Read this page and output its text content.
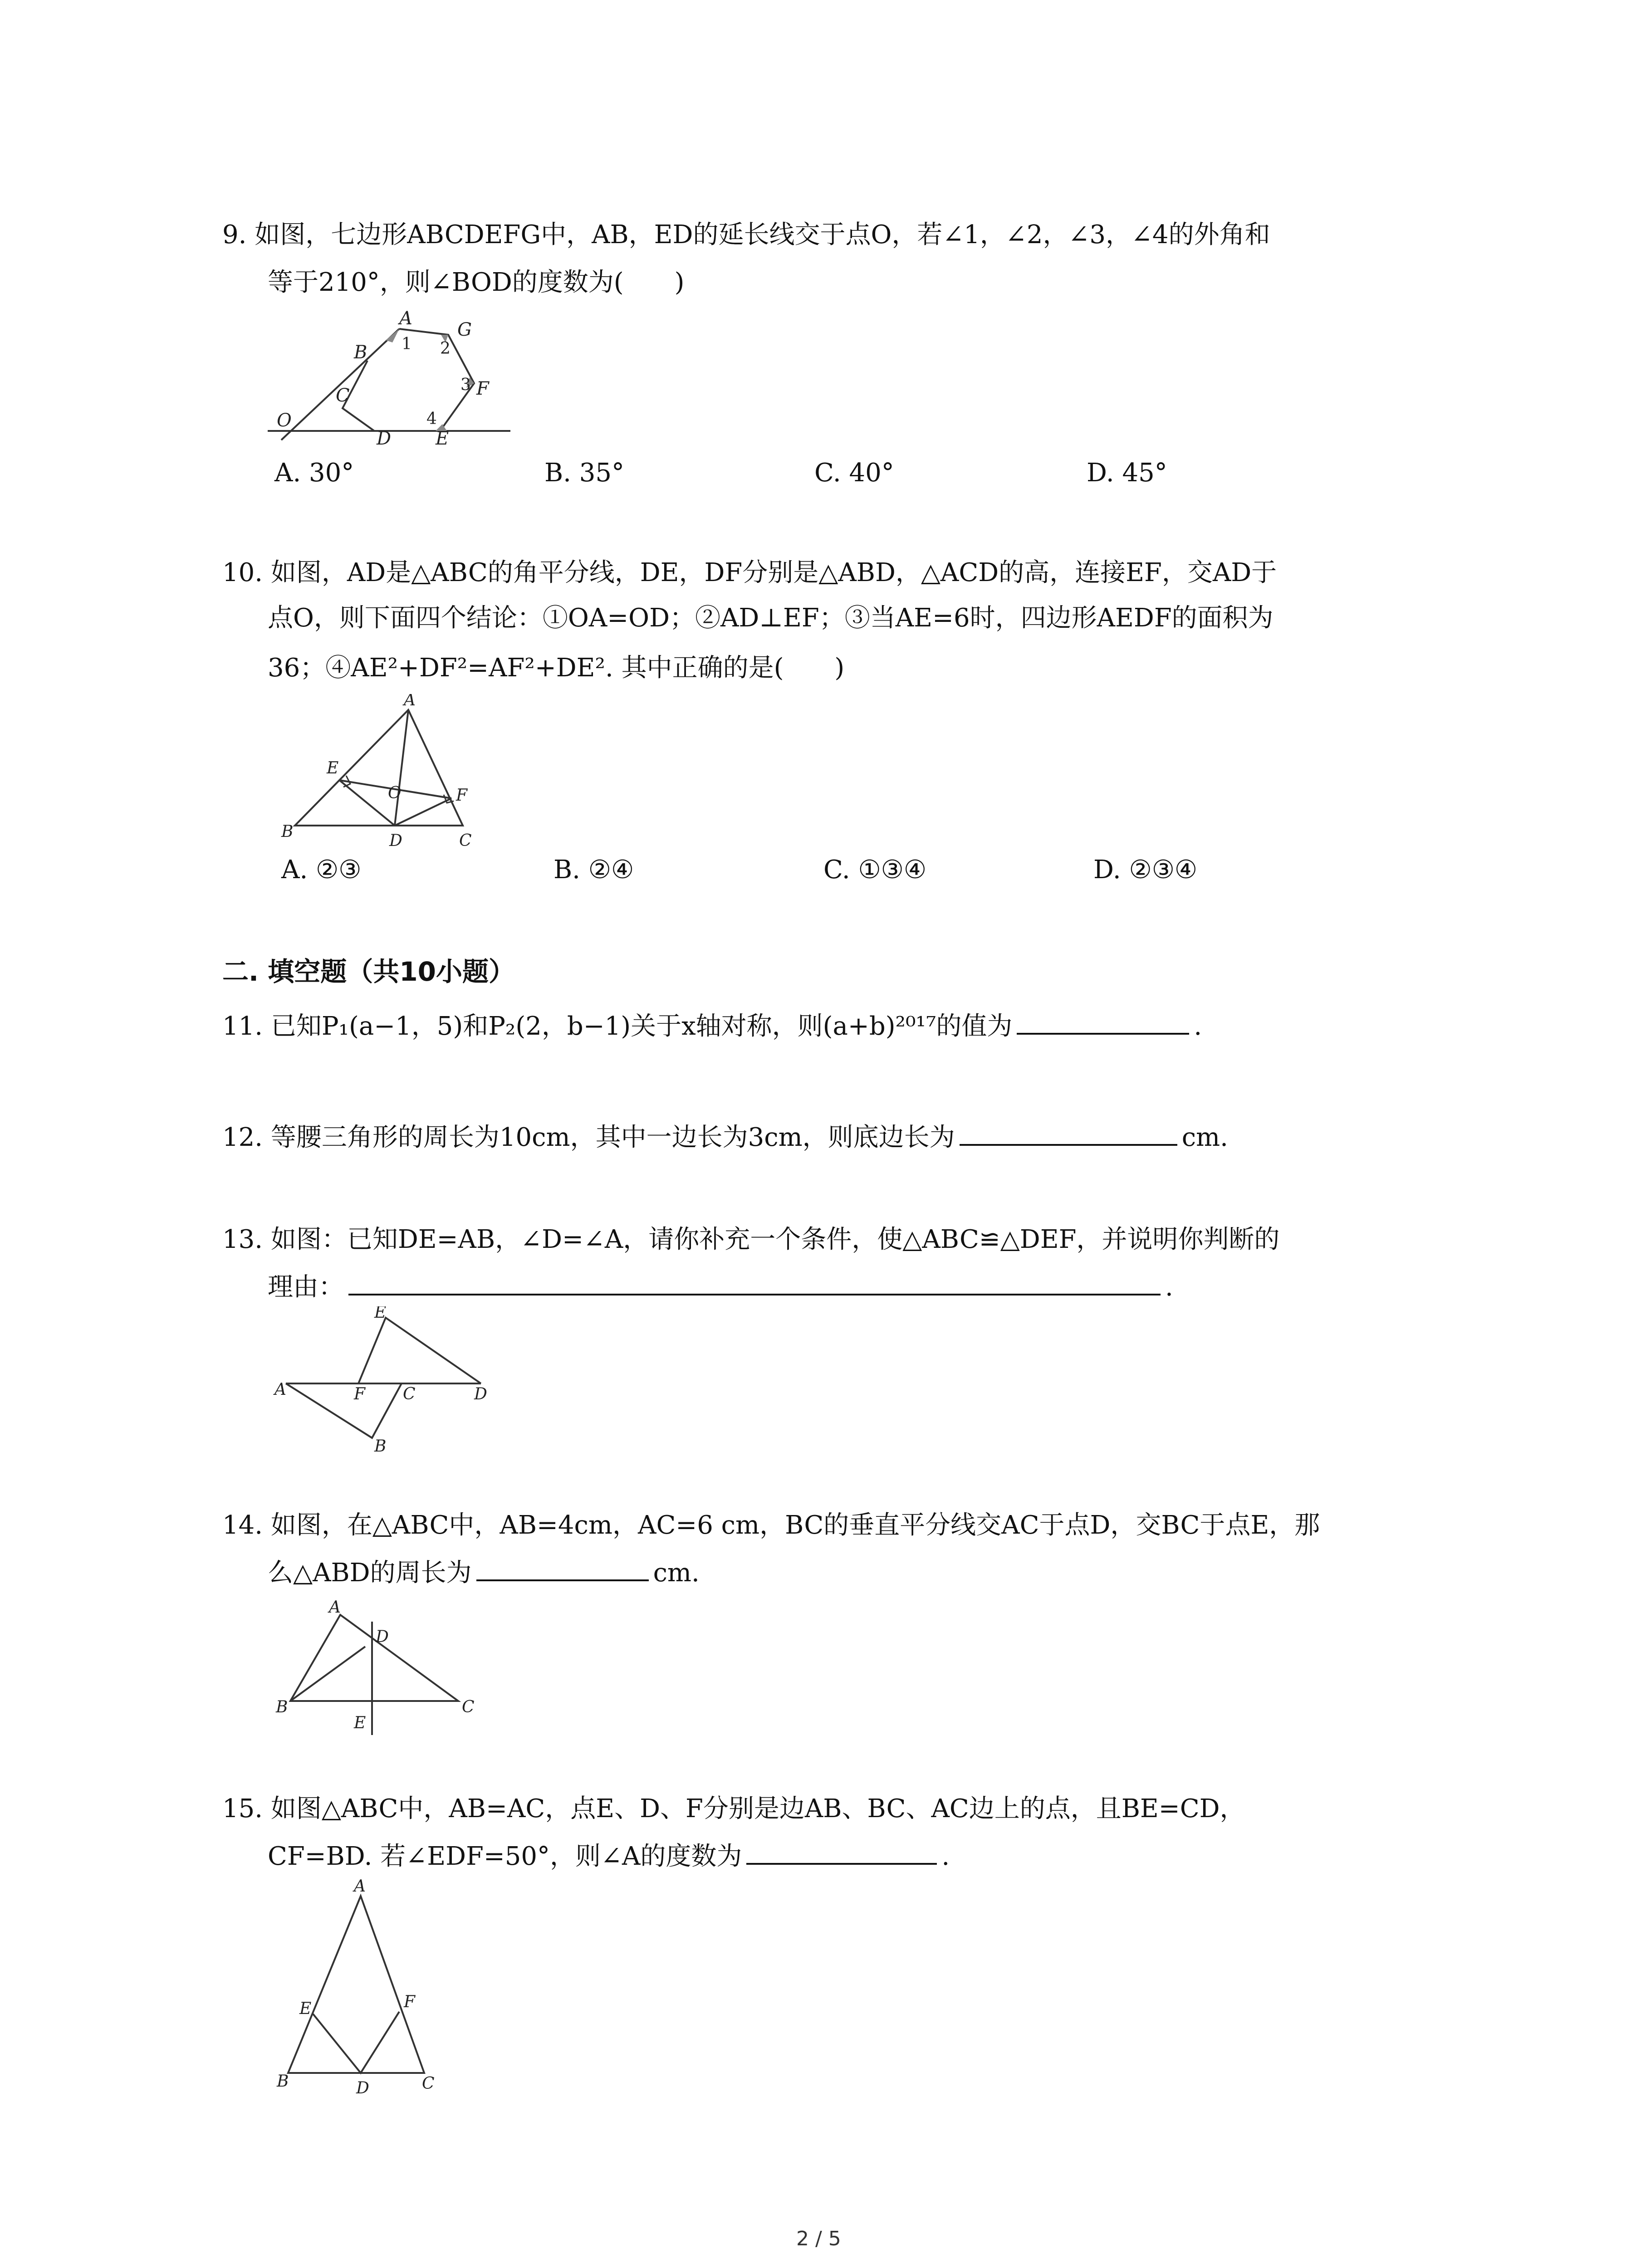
9. 如图，七边形ABCDEFG中，AB，ED的延长线交于点O，若∠1，∠2，∠3，∠4的外角和
等于210°，则∠BOD的度数为(　　)
A
1 2
G
B
C
3 F
O	4
D E
A. 30°	B. 35°	C. 40°	D. 45°
10. 如图，AD是△ABC的角平分线，DE，DF分别是△ABD，△ACD的高，连接EF，交AD于
点O，则下面四个结论：①OA=OD；②AD⊥EF；③当AE=6时，四边形AEDF的面积为
36；④AE²+DF²=AF²+DE². 其中正确的是(　　)
A
E
O	F
B	D	C
A. ②③	B. ②④	C. ①③④	D. ②③④
二. 填空题（共10小题）
11. 已知P₁(a−1，5)和P₂(2，b−1)关于x轴对称，则(a+b)²⁰¹⁷的值为	.
12. 等腰三角形的周长为10cm，其中一边长为3cm，则底边长为	cm.
13. 如图：已知DE=AB，∠D=∠A，请你补充一个条件，使△ABC≌△DEF，并说明你判断的
理由：	.
E
A	F C	D
B
14. 如图，在△ABC中，AB=4cm，AC=6 cm，BC的垂直平分线交AC于点D，交BC于点E，那
么△ABD的周长为	cm.
A
D
B
E
C
15. 如图△ABC中，AB=AC，点E、D、F分别是边AB、BC、AC边上的点，且BE=CD，
CF=BD. 若∠EDF=50°，则∠A的度数为	.
A
E	F
B	D	C
2 / 5
